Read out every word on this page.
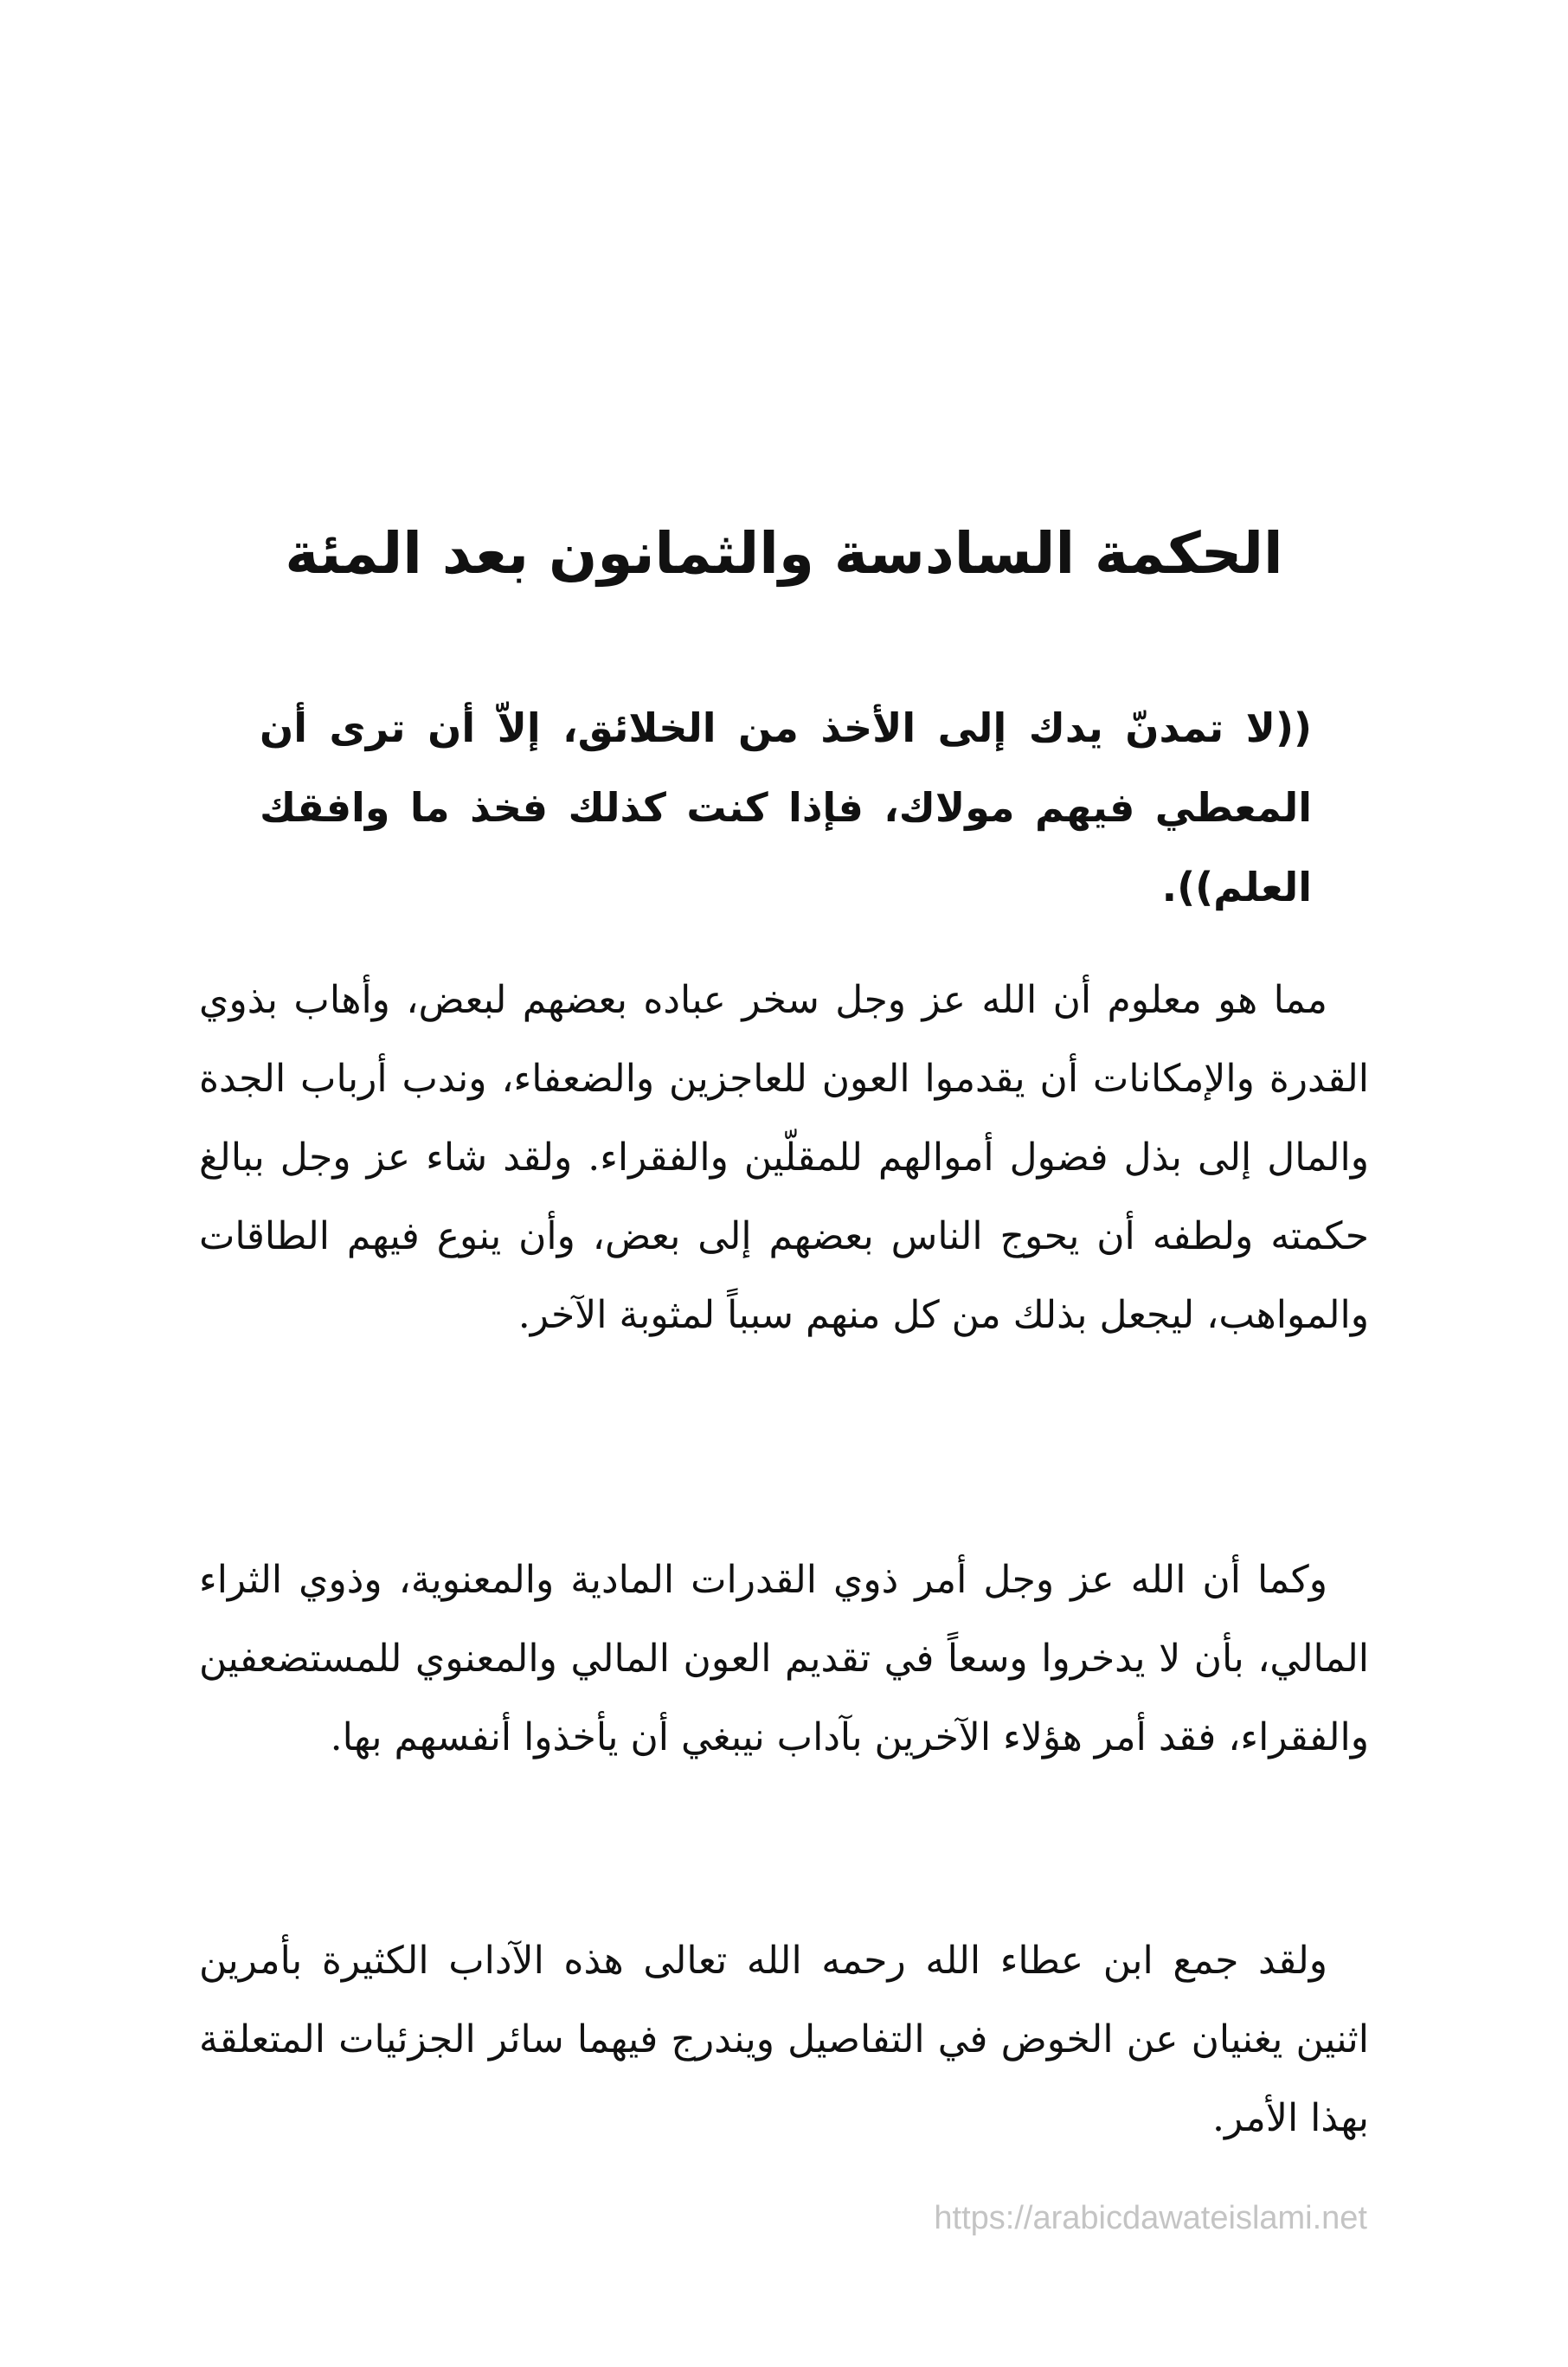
الحكمة السادسة والثمانون بعد المئة

((لا تمدنّ يدك إلى الأخذ من الخلائق، إلاّ أن ترى أن المعطي فيهم مولاك، فإذا كنت كذلك فخذ ما وافقك العلم)).

مما هو معلوم أن الله عز وجل سخر عباده بعضهم لبعض، وأهاب بذوي القدرة والإمكانات أن يقدموا العون للعاجزين والضعفاء، وندب أرباب الجدة والمال إلى بذل فضول أموالهم للمقلّين والفقراء. ولقد شاء عز وجل ببالغ حكمته ولطفه أن يحوج الناس بعضهم إلى بعض، وأن ينوع فيهم الطاقات والمواهب، ليجعل بذلك من كل منهم سبباً لمثوبة الآخر.

وكما أن الله عز وجل أمر ذوي القدرات المادية والمعنوية، وذوي الثراء المالي، بأن لا يدخروا وسعاً في تقديم العون المالي والمعنوي للمستضعفين والفقراء، فقد أمر هؤلاء الآخرين بآداب نيبغي أن يأخذوا أنفسهم بها.

ولقد جمع ابن عطاء الله رحمه الله تعالى هذه الآداب الكثيرة بأمرين اثنين يغنيان عن الخوض في التفاصيل ويندرج فيهما سائر الجزئيات المتعلقة بهذا الأمر.

https://arabicdawateislami.net
